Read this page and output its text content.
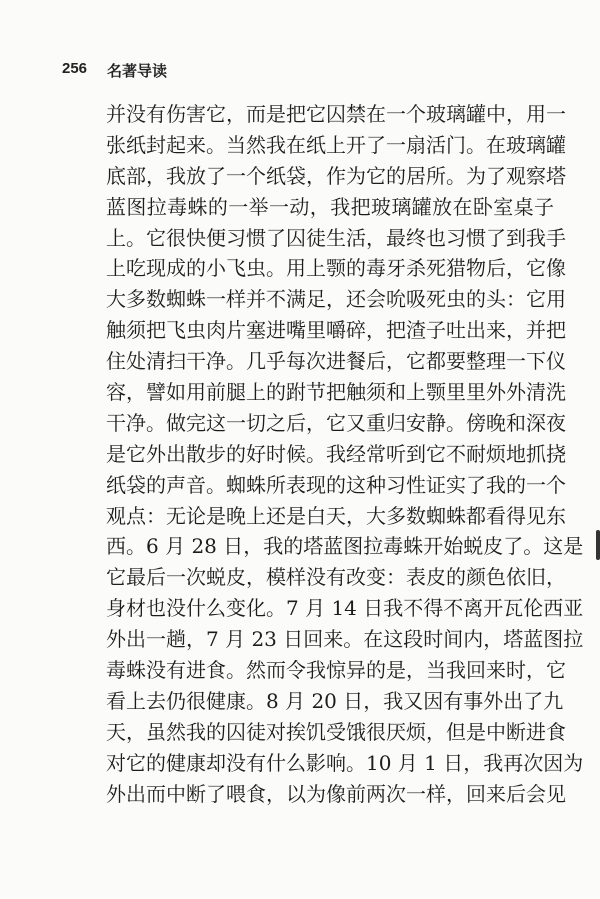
256 名著导读
并没有伤害它，而是把它囚禁在一个玻璃罐中，用一
张纸封起来。当然我在纸上开了一扇活门。在玻璃罐
底部，我放了一个纸袋，作为它的居所。为了观察塔
蓝图拉毒蛛的一举一动，我把玻璃罐放在卧室桌子
上。它很快便习惯了囚徒生活，最终也习惯了到我手
上吃现成的小飞虫。用上颚的毒牙杀死猎物后，它像
大多数蜘蛛一样并不满足，还会吮吸死虫的头：它用
触须把飞虫肉片塞进嘴里嚼碎，把渣子吐出来，并把
住处清扫干净。几乎每次进餐后，它都要整理一下仪
容，譬如用前腿上的跗节把触须和上颚里里外外清洗
干净。做完这一切之后，它又重归安静。傍晚和深夜
是它外出散步的好时候。我经常听到它不耐烦地抓挠
纸袋的声音。蜘蛛所表现的这种习性证实了我的一个
观点：无论是晚上还是白天，大多数蜘蛛都看得见东
西。6 月 28 日，我的塔蓝图拉毒蛛开始蜕皮了。这是
它最后一次蜕皮，模样没有改变：表皮的颜色依旧，
身材也没什么变化。7 月 14 日我不得不离开瓦伦西亚
外出一趟，7 月 23 日回来。在这段时间内，塔蓝图拉
毒蛛没有进食。然而令我惊异的是，当我回来时，它
看上去仍很健康。8 月 20 日，我又因有事外出了九
天，虽然我的囚徒对挨饥受饿很厌烦，但是中断进食
对它的健康却没有什么影响。10 月 1 日，我再次因为
外出而中断了喂食，以为像前两次一样，回来后会见
